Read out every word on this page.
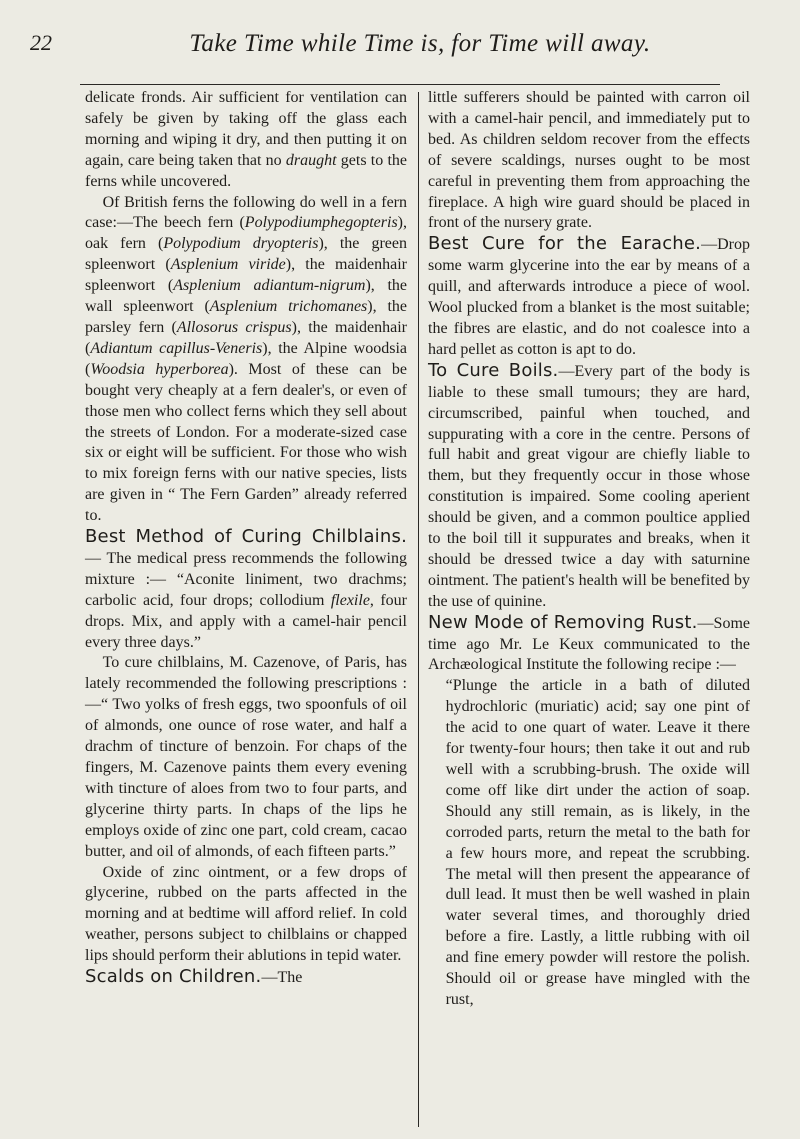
22	Take Time while Time is, for Time will away.

delicate fronds. Air sufficient for ventilation can safely be given by taking off the glass each morning and wiping it dry, and then putting it on again, care being taken that no draught gets to the ferns while uncovered.

Of British ferns the following do well in a fern case:—The beech fern (Polypodiumphegopteris), oak fern (Polypodium dryopteris), the green spleenwort (Asplenium viride), the maidenhair spleenwort (Asplenium adiantum-nigrum), the wall spleenwort (Asplenium trichomanes), the parsley fern (Allosorus crispus), the maidenhair (Adiantum capillus-Veneris), the Alpine woodsia (Woodsia hyperborea). Most of these can be bought very cheaply at a fern dealer's, or even of those men who collect ferns which they sell about the streets of London. For a moderate-sized case six or eight will be sufficient. For those who wish to mix foreign ferns with our native species, lists are given in “ The Fern Garden” already referred to.

Best Method of Curing Chilblains.— The medical press recommends the following mixture :— “Aconite liniment, two drachms; carbolic acid, four drops; collodium flexile, four drops. Mix, and apply with a camel-hair pencil every three days.”

To cure chilblains, M. Cazenove, of Paris, has lately recommended the following prescriptions :—“ Two yolks of fresh eggs, two spoonfuls of oil of almonds, one ounce of rose water, and half a drachm of tincture of benzoin. For chaps of the fingers, M. Cazenove paints them every evening with tincture of aloes from two to four parts, and glycerine thirty parts. In chaps of the lips he employs oxide of zinc one part, cold cream, cacao butter, and oil of almonds, of each fifteen parts.”

Oxide of zinc ointment, or a few drops of glycerine, rubbed on the parts affected in the morning and at bedtime will afford relief. In cold weather, persons subject to chilblains or chapped lips should perform their ablutions in tepid water.

Scalds on Children.—The

little sufferers should be painted with carron oil with a camel-hair pencil, and immediately put to bed. As children seldom recover from the effects of severe scaldings, nurses ought to be most careful in preventing them from approaching the fireplace. A high wire guard should be placed in front of the nursery grate.

Best Cure for the Earache.—Drop some warm glycerine into the ear by means of a quill, and afterwards introduce a piece of wool. Wool plucked from a blanket is the most suitable; the fibres are elastic, and do not coalesce into a hard pellet as cotton is apt to do.

To Cure Boils.—Every part of the body is liable to these small tumours; they are hard, circumscribed, painful when touched, and suppurating with a core in the centre. Persons of full habit and great vigour are chiefly liable to them, but they frequently occur in those whose constitution is impaired. Some cooling aperient should be given, and a common poultice applied to the boil till it suppurates and breaks, when it should be dressed twice a day with saturnine ointment. The patient's health will be benefited by the use of quinine.

New Mode of Removing Rust.—Some time ago Mr. Le Keux communicated to the Archæological Institute the following recipe :—

“Plunge the article in a bath of diluted hydrochloric (muriatic) acid; say one pint of the acid to one quart of water. Leave it there for twenty-four hours; then take it out and rub well with a scrubbing-brush. The oxide will come off like dirt under the action of soap. Should any still remain, as is likely, in the corroded parts, return the metal to the bath for a few hours more, and repeat the scrubbing. The metal will then present the appearance of dull lead. It must then be well washed in plain water several times, and thoroughly dried before a fire. Lastly, a little rubbing with oil and fine emery powder will restore the polish. Should oil or grease have mingled with the rust,
